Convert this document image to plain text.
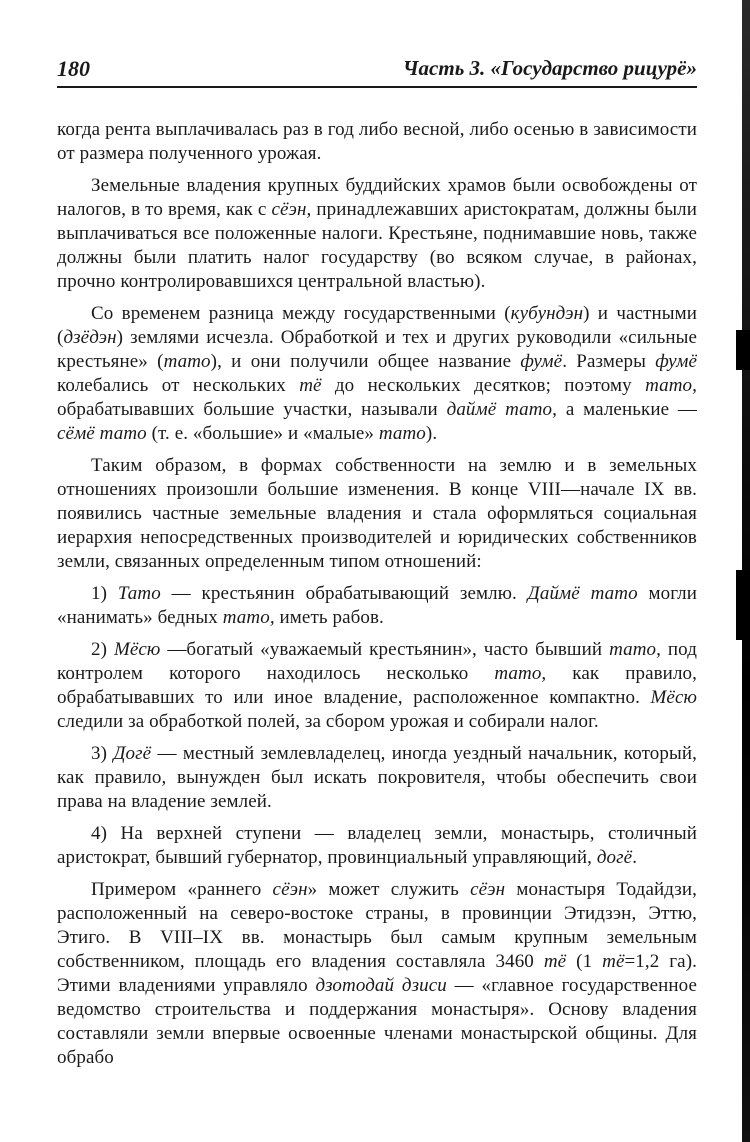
180	Часть 3. «Государство рицурё»

когда рента выплачивалась раз в год либо весной, либо осенью в зависимости от размера полученного урожая.

Земельные владения крупных буддийских храмов были освобождены от налогов, в то время, как с сёэн, принадлежавших аристократам, должны были выплачиваться все положенные налоги. Крестьяне, поднимавшие новь, также должны были платить налог государству (во всяком случае, в районах, прочно контролировавшихся центральной властью).

Со временем разница между государственными (кубундэн) и частными (дзёдэн) землями исчезла. Обработкой и тех и других руководили «сильные крестьяне» (тато), и они получили общее название фумё. Размеры фумё колебались от нескольких тё до нескольких десятков; поэтому тато, обрабатывавших большие участки, называли даймё тато, а маленькие — сёмё тато (т. е. «большие» и «малые» тато).

Таким образом, в формах собственности на землю и в земельных отношениях произошли большие изменения. В конце VIII—начале IX вв. появились частные земельные владения и стала оформляться социальная иерархия непосредственных производителей и юридических собственников земли, связанных определенным типом отношений:

1) Тато — крестьянин обрабатывающий землю. Даймё тато могли «нанимать» бедных тато, иметь рабов.

2) Мёсю —богатый «уважаемый крестьянин», часто бывший тато, под контролем которого находилось несколько тато, как правило, обрабатывавших то или иное владение, расположенное компактно. Мёсю следили за обработкой полей, за сбором урожая и собирали налог.

3) Догё — местный землевладелец, иногда уездный начальник, который, как правило, вынужден был искать покровителя, чтобы обеспечить свои права на владение землей.

4) На верхней ступени — владелец земли, монастырь, столичный аристократ, бывший губернатор, провинциальный управляющий, догё.

Примером «раннего сёэн» может служить сёэн монастыря Тодайдзи, расположенный на северо-востоке страны, в провинции Этидзэн, Эттю, Этиго. В VIII–IX вв. монастырь был самым крупным земельным собственником, площадь его владения составляла 3460 тё (1 тё=1,2 га). Этими владениями управляло дзотодай дзиси — «главное государственное ведомство строительства и поддержания монастыря». Основу владения составляли земли впервые освоенные членами монастырской общины. Для обрабо
